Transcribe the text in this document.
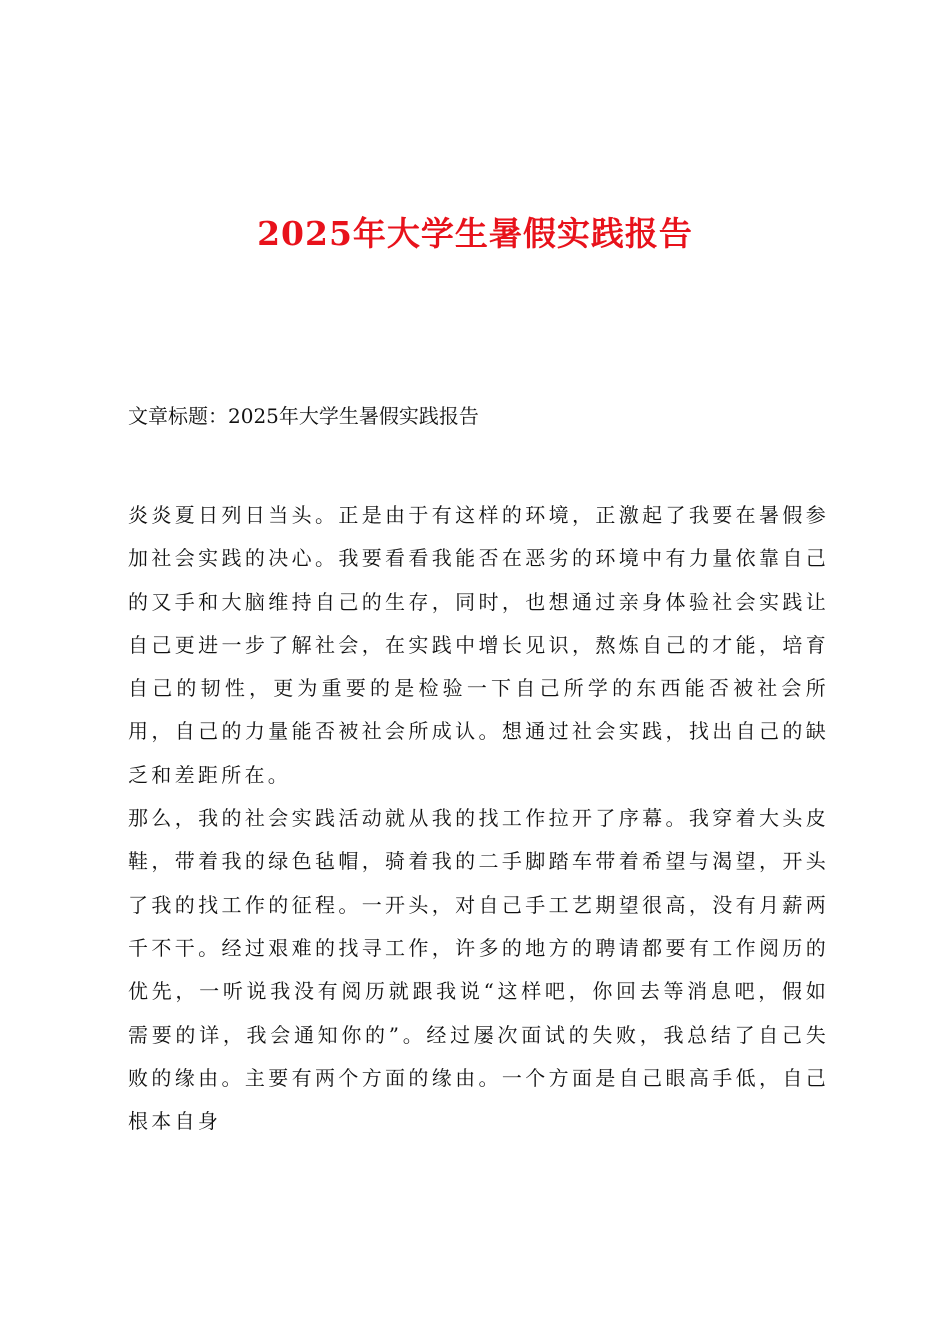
2025年大学生暑假实践报告

文章标题：2025年大学生暑假实践报告

炎炎夏日列日当头。正是由于有这样的环境，正激起了我要在暑假参加社会实践的决心。我要看看我能否在恶劣的环境中有力量依靠自己的又手和大脑维持自己的生存，同时，也想通过亲身体验社会实践让自己更进一步了解社会，在实践中增长见识，熬炼自己的才能，培育自己的韧性，更为重要的是检验一下自己所学的东西能否被社会所用，自己的力量能否被社会所成认。想通过社会实践，找出自己的缺乏和差距所在。

那么，我的社会实践活动就从我的找工作拉开了序幕。我穿着大头皮鞋，带着我的绿色毡帽，骑着我的二手脚踏车带着希望与渴望，开头了我的找工作的征程。一开头，对自己手工艺期望很高，没有月薪两千不干。经过艰难的找寻工作，许多的地方的聘请都要有工作阅历的优先，一听说我没有阅历就跟我说“这样吧，你回去等消息吧，假如需要的详，我会通知你的”。经过屡次面试的失败，我总结了自己失败的缘由。主要有两个方面的缘由。一个方面是自己眼高手低，自己根本自身
